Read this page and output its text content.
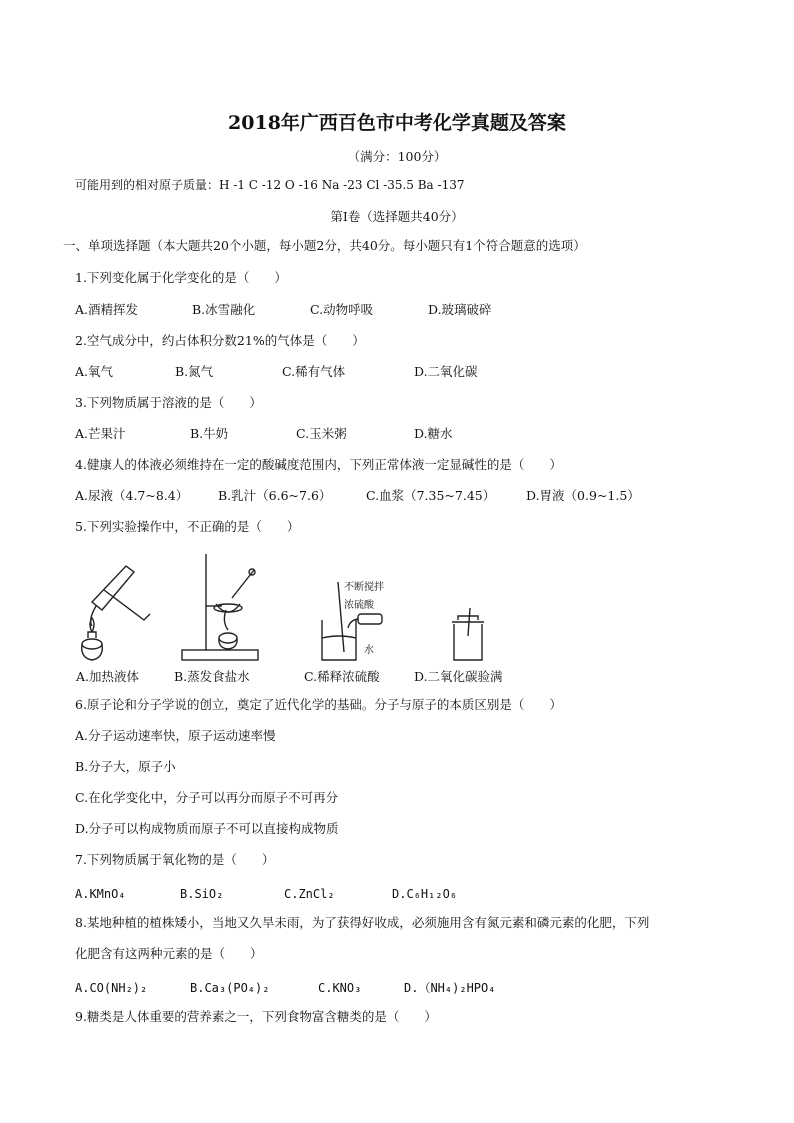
2018年广西百色市中考化学真题及答案
（满分：100分）
可能用到的相对原子质量：H -1 C -12 O -16 Na -23 Cl -35.5 Ba -137
第Ⅰ卷（选择题共40分）
一、单项选择题（本大题共20个小题，每小题2分，共40分。每小题只有1个符合题意的选项）
1.下列变化属于化学变化的是（　　）
A.酒精挥发	B.冰雪融化	C.动物呼吸	D.玻璃破碎
2.空气成分中，约占体积分数21%的气体是（　　）
A.氧气	B.氮气	C.稀有气体	D.二氧化碳
3.下列物质属于溶液的是（　　）
A.芒果汁	B.牛奶	C.玉米粥	D.糖水
4.健康人的体液必须维持在一定的酸碱度范围内，下列正常体液一定显碱性的是（　　）
A.尿液（4.7~8.4） B.乳汁（6.6~7.6）	C.血浆（7.35~7.45） D.胃液（0.9~1.5）
5.下列实验操作中，不正确的是（　　）
不断搅拌
浓硫酸
水
A.加热液体	B.蒸发食盐水	C.稀释浓硫酸	D.二氧化碳验满
6.原子论和分子学说的创立，奠定了近代化学的基础。分子与原子的本质区别是（　　）
A.分子运动速率快，原子运动速率慢
B.分子大，原子小
C.在化学变化中，分子可以再分而原子不可再分
D.分子可以构成物质而原子不可以直接构成物质
7.下列物质属于氧化物的是（　　）
A.KMnO₄	B.SiO₂	C.ZnCl₂	D.C₆H₁₂O₆
8.某地种植的植株矮小，当地又久旱未雨，为了获得好收成，必须施用含有氮元素和磷元素的化肥，下列
化肥含有这两种元素的是（　　）
A.CO(NH₂)₂	B.Ca₃(PO₄)₂	C.KNO₃	D.（NH₄)₂HPO₄
9.糖类是人体重要的营养素之一，下列食物富含糖类的是（　　）
